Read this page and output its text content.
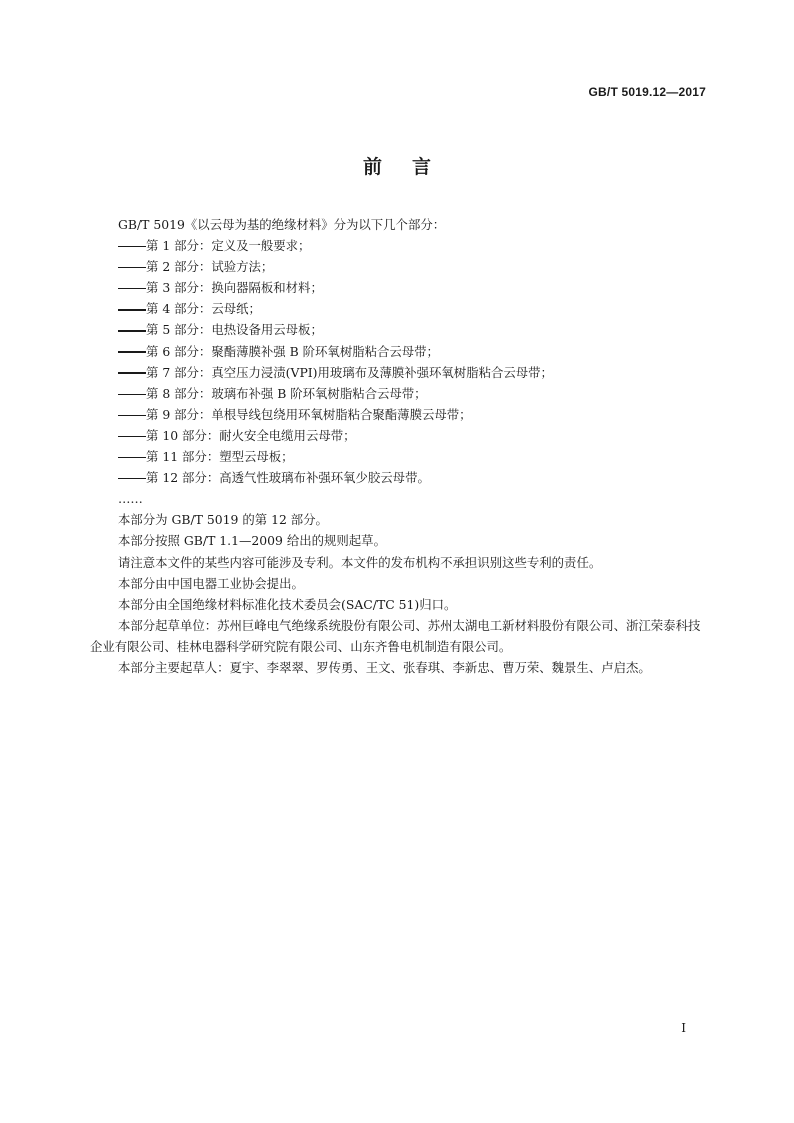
GB/T 5019.12—2017
前言

GB/T 5019《以云母为基的绝缘材料》分为以下几个部分：

第 1 部分：定义及一般要求；

第 2 部分：试验方法；

第 3 部分：换向器隔板和材料；

第 4 部分：云母纸；

第 5 部分：电热设备用云母板；

第 6 部分：聚酯薄膜补强 B 阶环氧树脂粘合云母带；

第 7 部分：真空压力浸渍(VPI)用玻璃布及薄膜补强环氧树脂粘合云母带；

第 8 部分：玻璃布补强 B 阶环氧树脂粘合云母带；

第 9 部分：单根导线包绕用环氧树脂粘合聚酯薄膜云母带；

第 10 部分：耐火安全电缆用云母带；

第 11 部分：塑型云母板；

第 12 部分：高透气性玻璃布补强环氧少胶云母带。

……

本部分为 GB/T 5019 的第 12 部分。

本部分按照 GB/T 1.1—2009 给出的规则起草。

请注意本文件的某些内容可能涉及专利。本文件的发布机构不承担识别这些专利的责任。

本部分由中国电器工业协会提出。

本部分由全国绝缘材料标准化技术委员会(SAC/TC 51)归口。

本部分起草单位：苏州巨峰电气绝缘系统股份有限公司、苏州太湖电工新材料股份有限公司、浙江荣泰科技企业有限公司、桂林电器科学研究院有限公司、山东齐鲁电机制造有限公司。

本部分主要起草人：夏宇、李翠翠、罗传勇、王文、张春琪、李新忠、曹万荣、魏景生、卢启杰。

I
